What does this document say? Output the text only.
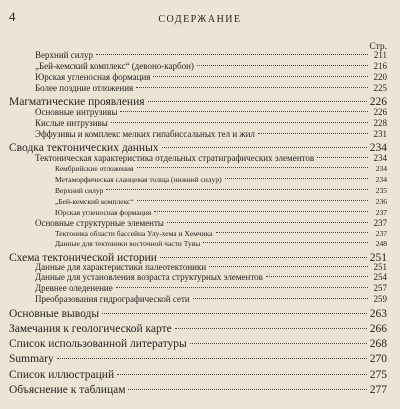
4	СОДЕРЖАНИЕ
Стр.
Верхний силур	211
„Бей-кемский комплекс“ (девоно-карбон)	216
Юрская угленосная формация	220
Более поздние отложения	225
Магматические проявления	226
Основные интрузивы	226
Кислые интрузивы	228
Эффузивы и комплекс мелких гипабиссальных тел и жил	231
Сводка тектонических данных	234
Тектоническая характеристика отдельных стратиграфических элементов	234
Кембрийские отложения	234
Метаморфическая сланцевая толща (нижний силур)	234
Верхний силур	235
„Бей-кемский комплекс“	236
Юрская угленосная формация	237
Основные структурные элементы	237
Тектоника области бассейна Улу-хема и Хемчика	237
Данные для тектоники восточной части Тувы	248
Схема тектонической истории	251
Данные для характеристики палеотектоники	251
Данные для установления возраста структурных элементов	254
Древнее оледенение	257
Преобразования гидрографической сети	259
Основные выводы	263
Замечания к геологической карте	266
Список использованной литературы	268
Summary	270
Список иллюстраций	275
Объяснение к таблицам	277
